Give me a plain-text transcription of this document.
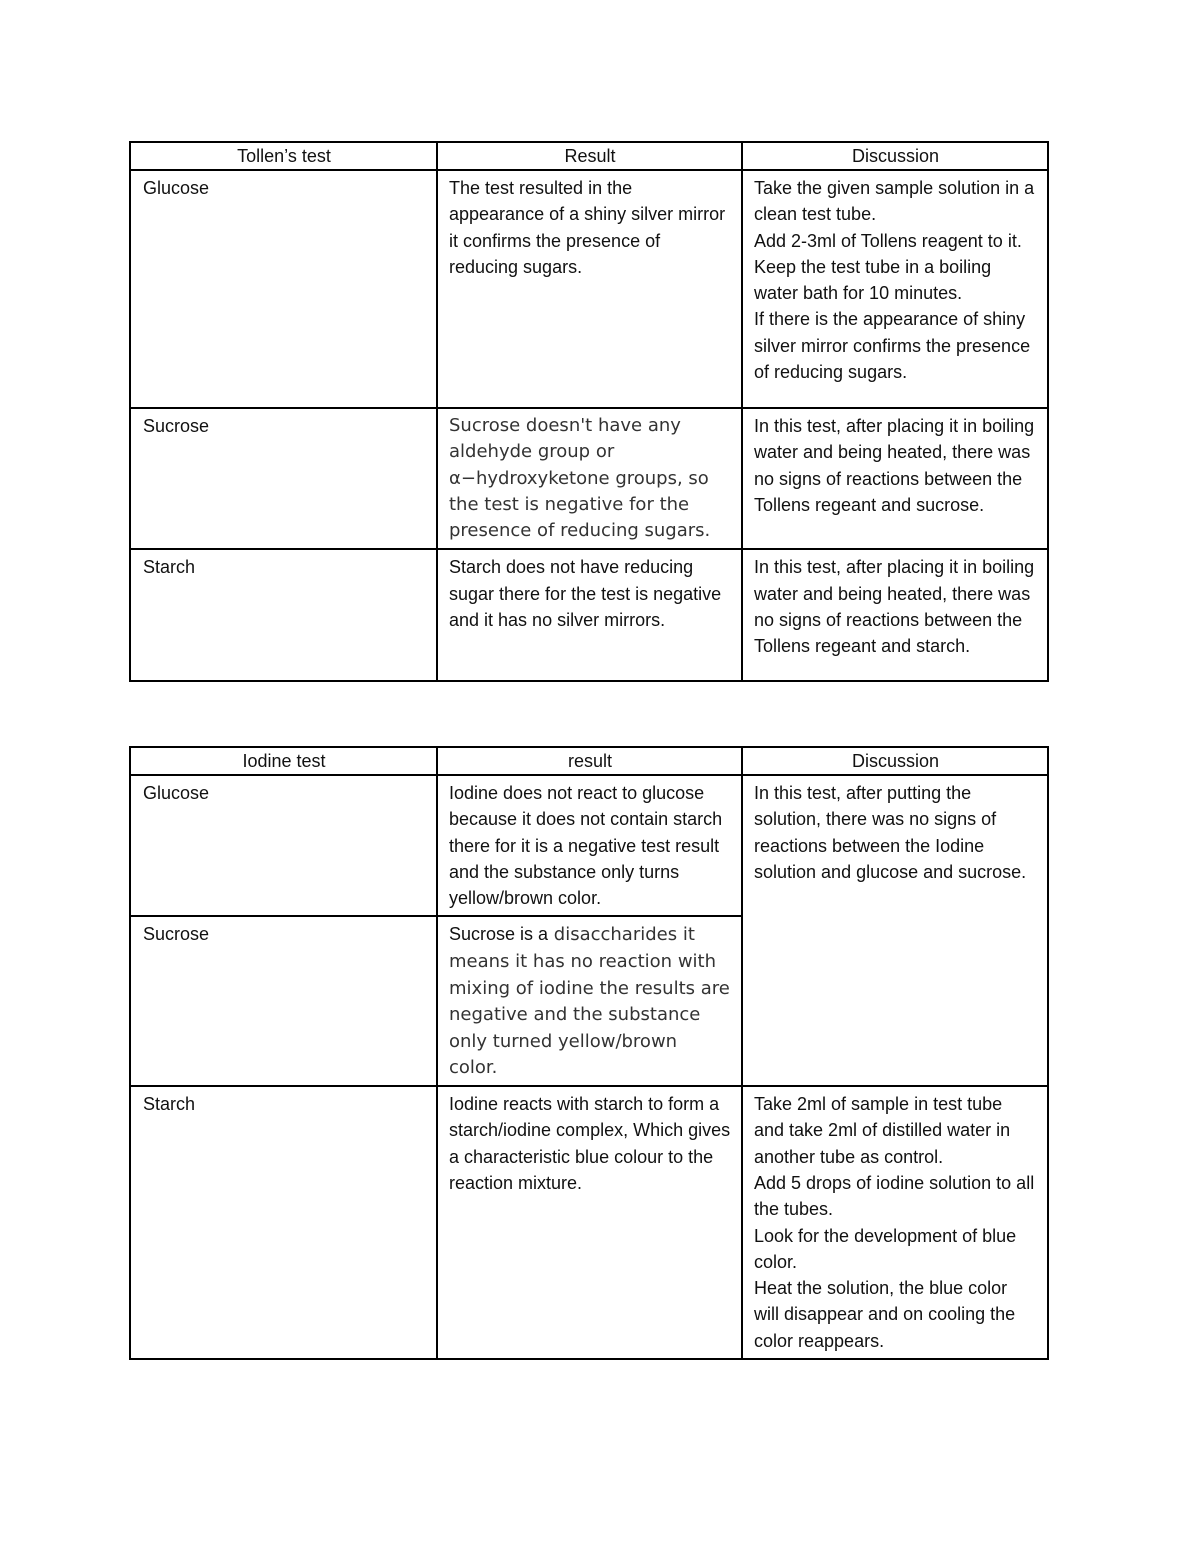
Tollen’s test	Result	Discussion
Glucose	The test resulted in the appearance of a shiny silver mirror it confirms the presence of reducing sugars.	Take the given sample solution in a clean test tube.
Add 2-3ml of Tollens reagent to it.
Keep the test tube in a boiling water bath for 10 minutes.
If there is the appearance of shiny silver mirror confirms the presence of reducing sugars.

Sucrose	Sucrose doesn't have any aldehyde group or α−hydroxyketone groups, so the test is negative for the presence of reducing sugars.	In this test, after placing it in boiling water and being heated, there was no signs of reactions between the Tollens regeant and sucrose.

Starch	Starch does not have reducing sugar there for the test is negative and it has no silver mirrors.	In this test, after placing it in boiling water and being heated, there was no signs of reactions between the Tollens regeant and starch.
Iodine test	result	Discussion
Glucose	Iodine does not react to glucose because it does not contain starch there for it is a negative test result and the substance only turns yellow/brown color.	In this test, after putting the solution, there was no signs of reactions between the Iodine solution and glucose and sucrose.
Sucrose	Sucrose is a disaccharides it means it has no reaction with mixing of iodine the results are negative and the substance only turned yellow/brown color.	
Starch	Iodine reacts with starch to form a starch/iodine complex, Which gives a characteristic blue colour to the reaction mixture.	Take 2ml of sample in test tube and take 2ml of distilled water in another tube as control.
Add 5 drops of iodine solution to all the tubes.
Look for the development of blue color.
Heat the solution, the blue color will disappear and on cooling the color reappears.
